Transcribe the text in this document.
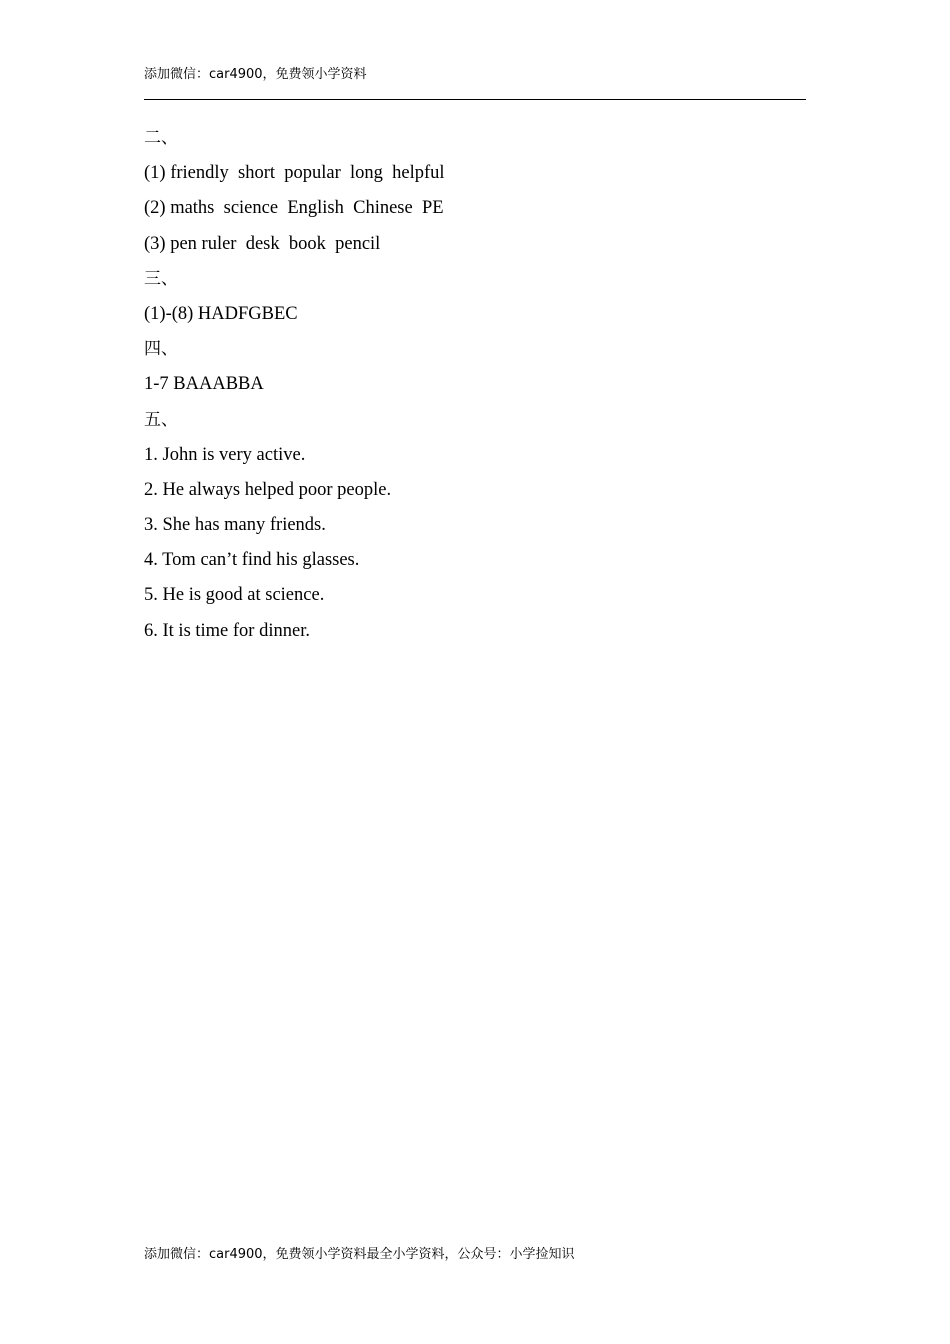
添加微信：car4900，免费领小学资料
二、
(1) friendly  short  popular  long  helpful
(2) maths  science  English  Chinese  PE
(3) pen ruler  desk  book  pencil
三、
(1)-(8) HADFGBEC
四、
1-7 BAAABBA
五、
1. John is very active.
2. He always helped poor people.
3. She has many friends.
4. Tom can’t find his glasses.
5. He is good at science.
6. It is time for dinner.
添加微信：car4900，免费领小学资料最全小学资料，公众号：小学捡知识
